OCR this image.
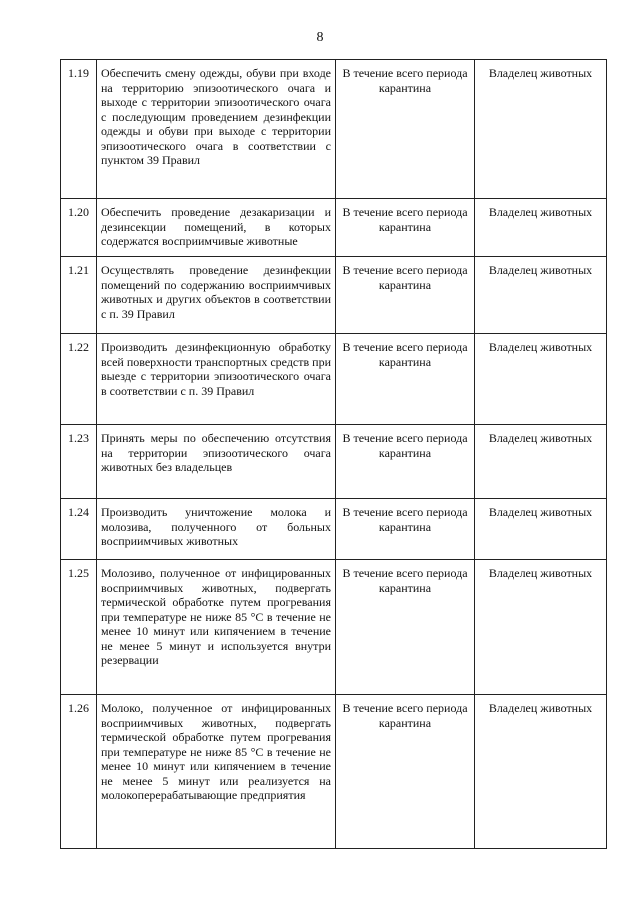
8
1.19	Обеспечить смену одежды, обуви при входе на территорию эпизоотического очага и выходе с территории эпизоотического очага с последующим проведением дезинфекции одежды и обуви при выходе с территории эпизоотического очага в соответствии с пунктом 39 Правил	В течение всего периода карантина	Владелец животных
1.20	Обеспечить проведение дезакаризации и дезинсекции помещений, в которых содержатся восприимчивые животные	В течение всего периода карантина	Владелец животных
1.21	Осуществлять проведение дезинфекции помещений по содержанию восприимчивых животных и других объектов в соответствии с п. 39 Правил	В течение всего периода карантина	Владелец животных
1.22	Производить дезинфекционную обработку всей поверхности транспортных средств при выезде с территории эпизоотического очага в соответствии с п. 39 Правил	В течение всего периода карантина	Владелец животных
1.23	Принять меры по обеспечению отсутствия на территории эпизоотического очага животных без владельцев	В течение всего периода карантина	Владелец животных
1.24	Производить уничтожение молока и молозива, полученного от больных восприимчивых животных	В течение всего периода карантина	Владелец животных
1.25	Молозиво, полученное от инфицированных восприимчивых животных, подвергать термической обработке путем прогревания при температуре не ниже 85 °С в течение не менее 10 минут или кипячением в течение не менее 5 минут и используется внутри резервации	В течение всего периода карантина	Владелец животных
1.26	Молоко, полученное от инфицированных восприимчивых животных, подвергать термической обработке путем прогревания при температуре не ниже 85 °С в течение не менее 10 минут или кипячением в течение не менее 5 минут или реализуется на молокоперерабатывающие предприятия	В течение всего периода карантина	Владелец животных
